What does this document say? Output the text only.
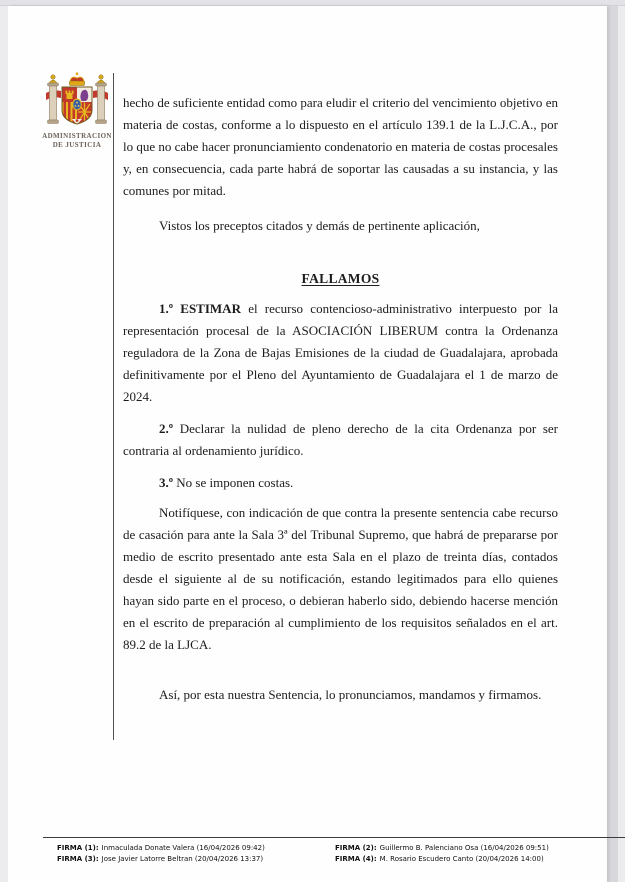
ADMINISTRACION
DE JUSTICIA

hecho de suficiente entidad como para eludir el criterio del vencimiento objetivo en materia de costas, conforme a lo dispuesto en el artículo 139.1 de la L.J.C.A., por lo que no cabe hacer pronunciamiento condenatorio en materia de costas procesales y, en consecuencia, cada parte habrá de soportar las causadas a su instancia, y las comunes por mitad.

Vistos los preceptos citados y demás de pertinente aplicación,

FALLAMOS

1.º ESTIMAR el recurso contencioso-administrativo interpuesto por la representación procesal de la ASOCIACIÓN LIBERUM contra la Ordenanza reguladora de la Zona de Bajas Emisiones de la ciudad de Guadalajara, aprobada definitivamente por el Pleno del Ayuntamiento de Guadalajara el 1 de marzo de 2024.

2.º Declarar la nulidad de pleno derecho de la cita Ordenanza por ser contraria al ordenamiento jurídico.

3.º No se imponen costas.

Notifíquese, con indicación de que contra la presente sentencia cabe recurso de casación para ante la Sala 3ª del Tribunal Supremo, que habrá de prepararse por medio de escrito presentado ante esta Sala en el plazo de treinta días, contados desde el siguiente al de su notificación, estando legitimados para ello quienes hayan sido parte en el proceso, o debieran haberlo sido, debiendo hacerse mención en el escrito de preparación al cumplimiento de los requisitos señalados en el art. 89.2 de la LJCA.

Así, por esta nuestra Sentencia, lo pronunciamos, mandamos y firmamos.

FIRMA (1): Inmaculada Donate Valera (16/04/2026 09:42)	FIRMA (2): Guillermo B. Palenciano Osa (16/04/2026 09:51)
FIRMA (3): Jose Javier Latorre Beltran (20/04/2026 13:37)	FIRMA (4): M. Rosario Escudero Canto (20/04/2026 14:00)
